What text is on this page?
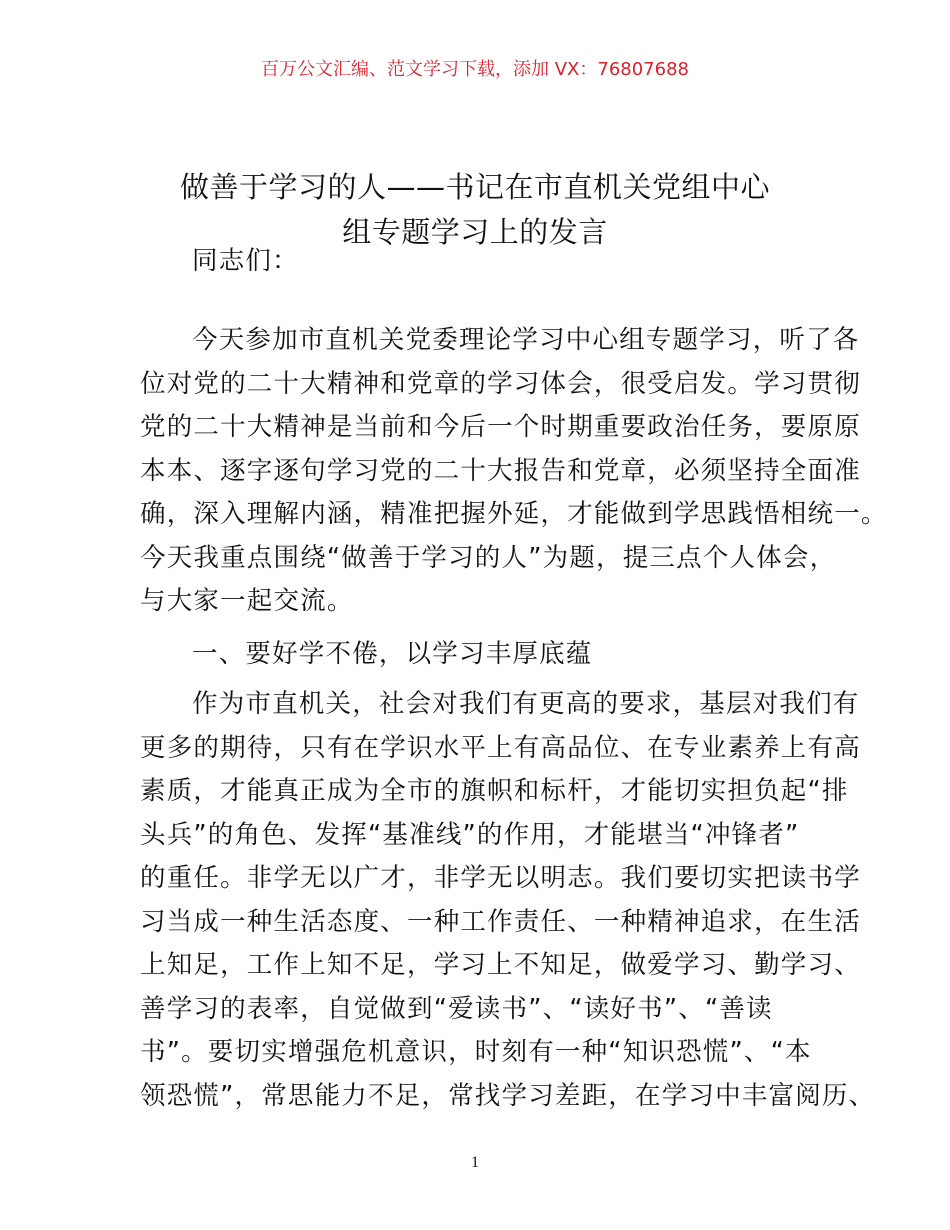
百万公文汇编、范文学习下载，添加 VX：76807688
做善于学习的人——书记在市直机关党组中心
组专题学习上的发言
同志们：
今天参加市直机关党委理论学习中心组专题学习，听了各
位对党的二十大精神和党章的学习体会，很受启发。学习贯彻
党的二十大精神是当前和今后一个时期重要政治任务，要原原
本本、逐字逐句学习党的二十大报告和党章，必须坚持全面准
确，深入理解内涵，精准把握外延，才能做到学思践悟相统一。
今天我重点围绕“做善于学习的人”为题，提三点个人体会，
与大家一起交流。
一、要好学不倦，以学习丰厚底蕴
作为市直机关，社会对我们有更高的要求，基层对我们有
更多的期待，只有在学识水平上有高品位、在专业素养上有高
素质，才能真正成为全市的旗帜和标杆，才能切实担负起“排
头兵”的角色、发挥“基准线”的作用，才能堪当“冲锋者”
的重任。非学无以广才，非学无以明志。我们要切实把读书学
习当成一种生活态度、一种工作责任、一种精神追求，在生活
上知足，工作上知不足，学习上不知足，做爱学习、勤学习、
善学习的表率，自觉做到“爱读书”、“读好书”、“善读
书”。要切实增强危机意识，时刻有一种“知识恐慌”、“本
领恐慌”，常思能力不足，常找学习差距，在学习中丰富阅历、
1
